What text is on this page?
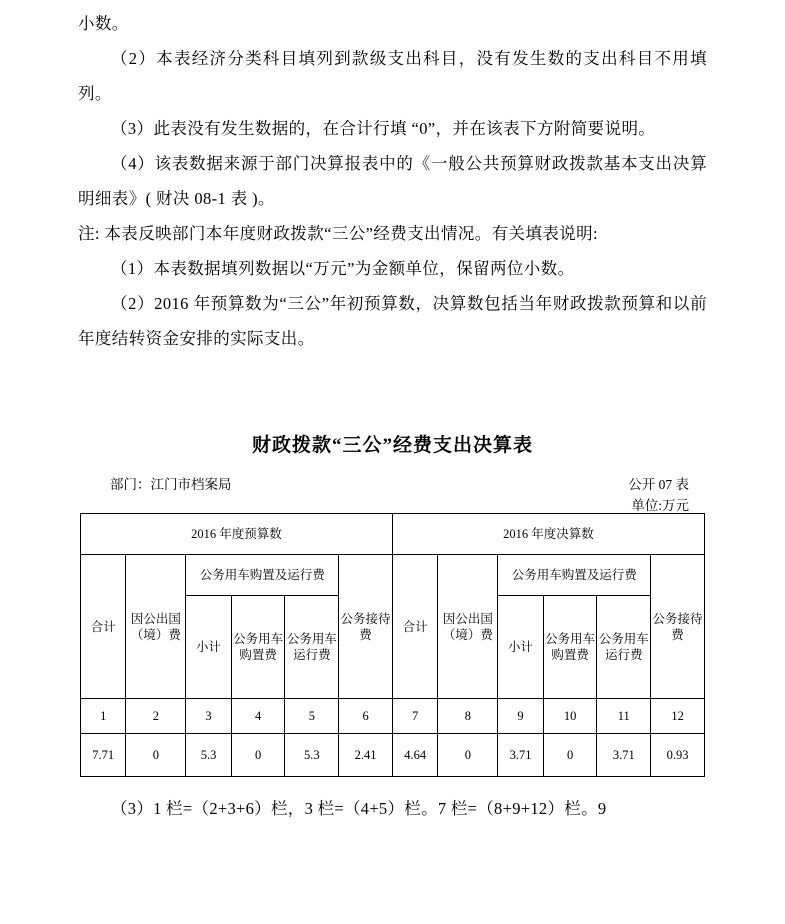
小数。

（2）本表经济分类科目填列到款级支出科目，没有发生数的支出科目不用填列。

（3）此表没有发生数据的，在合计行填 “0”，并在该表下方附简要说明。

（4）该表数据来源于部门决算报表中的《一般公共预算财政拨款基本支出决算明细表》( 财决 08-1 表 )。

注: 本表反映部门本年度财政拨款“三公”经费支出情况。有关填表说明:

（1）本表数据填列数据以“万元”为金额单位，保留两位小数。

（2）2016 年预算数为“三公”年初预算数，决算数包括当年财政拨款预算和以前年度结转资金安排的实际支出。

财政拨款“三公”经费支出决算表
公开 07 表
单位:万元
部门：江门市档案局
2016 年度预算数						2016 年度决算数					
合计	因公出国（境）费	公务用车购置及运行费			公务接待费	合计	因公出国（境）费	公务用车购置及运行费			公务接待费
		小计	公务用车购置费	公务用车运行费				小计	公务用车购置费	公务用车运行费	
1	2	3	4	5	6	7	8	9	10	11	12
7.71	0	5.3	0	5.3	2.41	4.64	0	3.71	0	3.71	0.93
（3）1 栏=（2+3+6）栏，3 栏=（4+5）栏。7 栏=（8+9+12）栏。9
